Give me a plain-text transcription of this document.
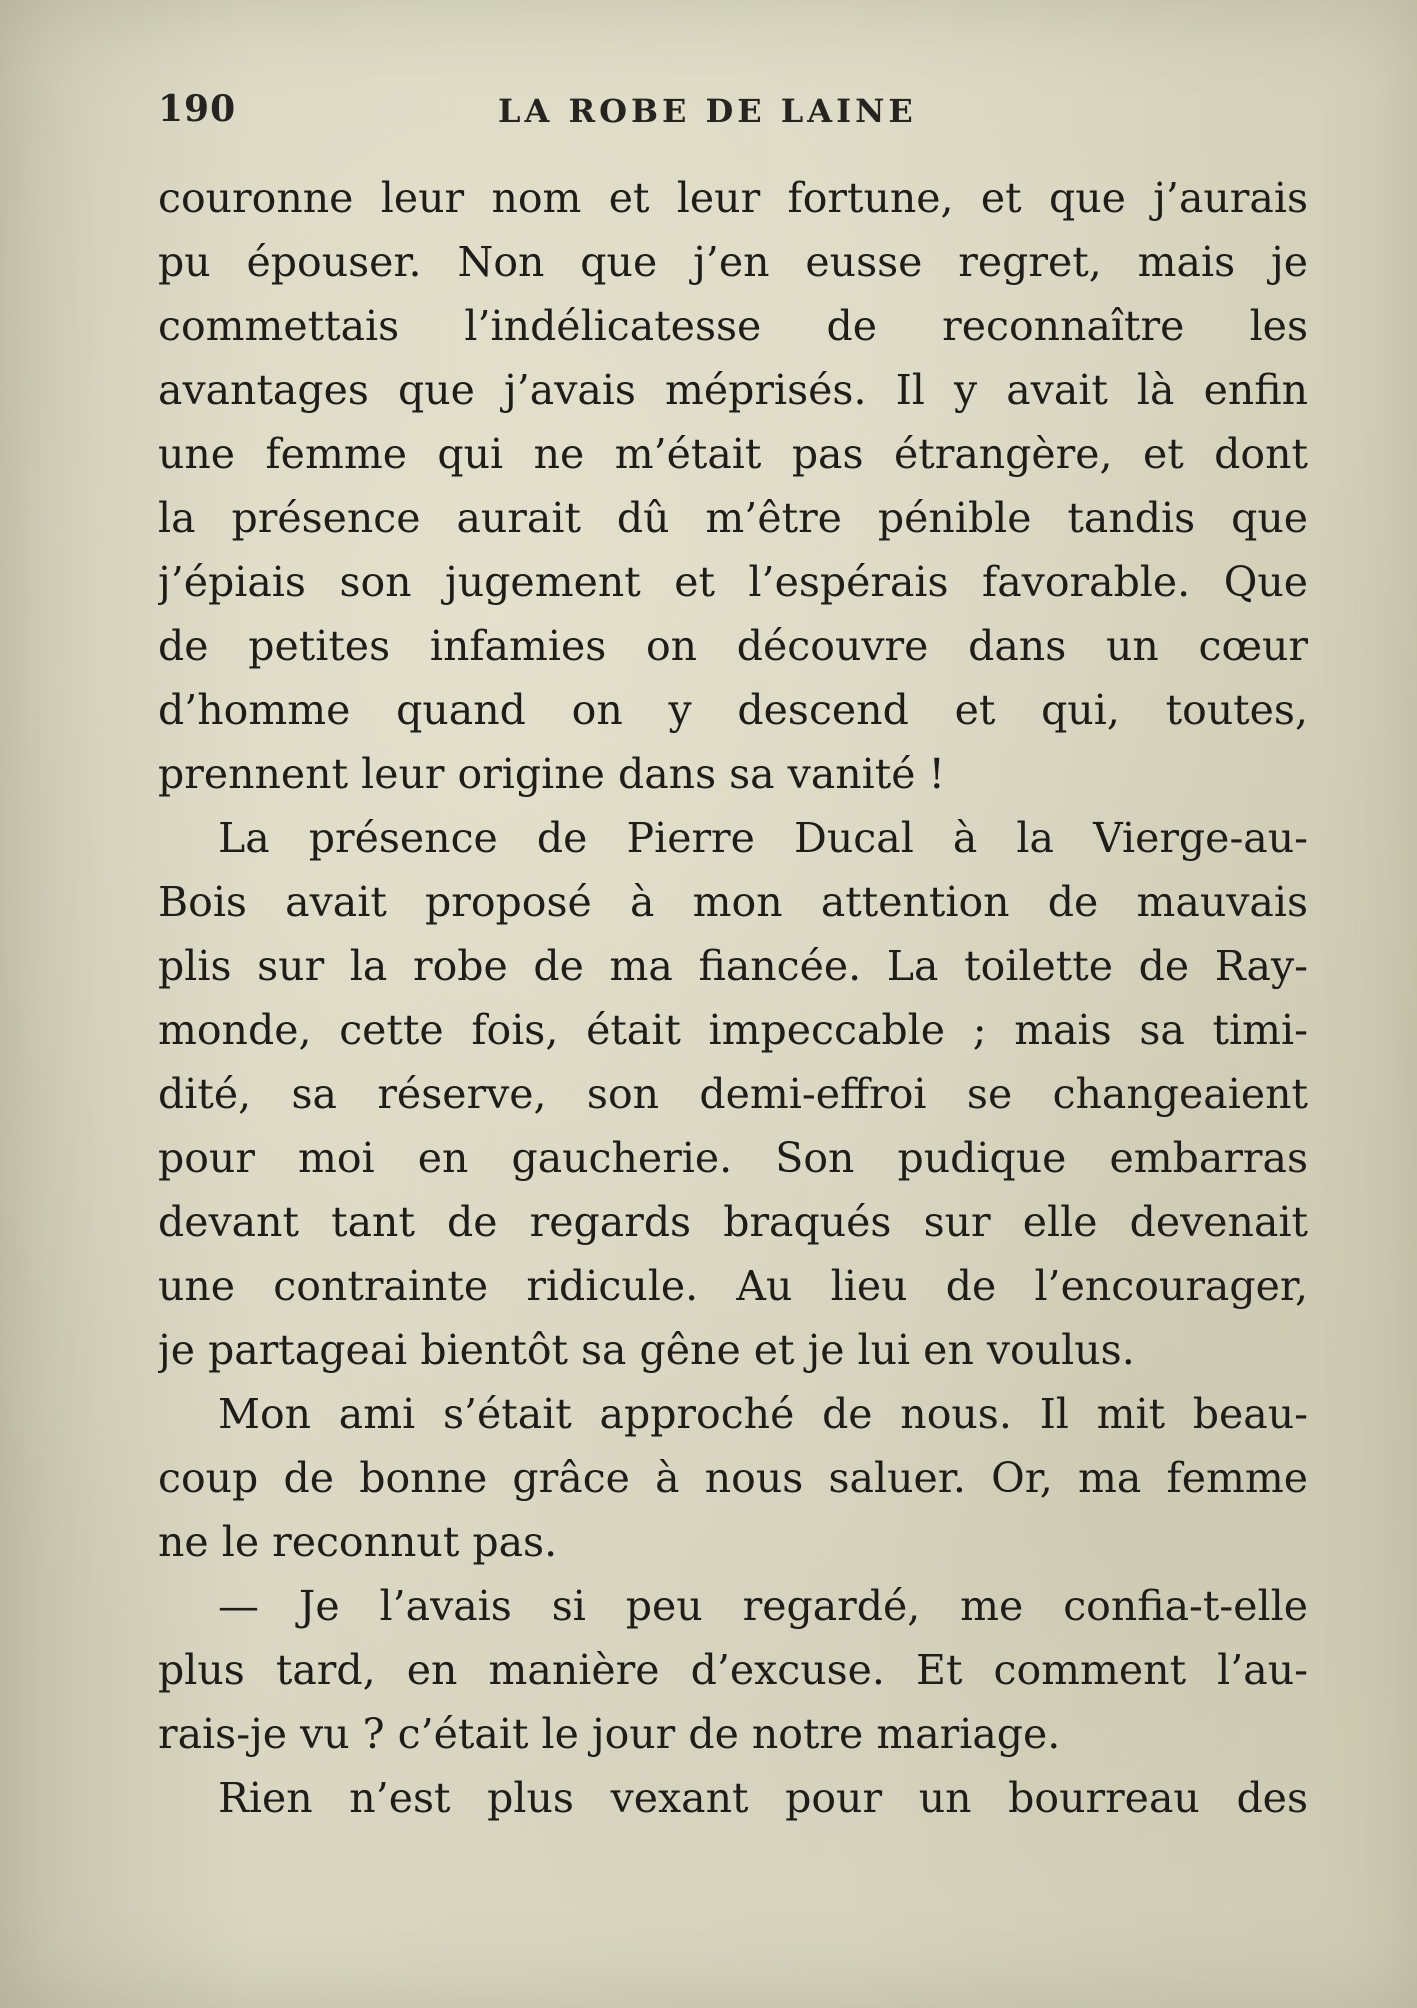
190	LA ROBE DE LAINE
couronne leur nom et leur fortune, et que j’aurais
pu épouser. Non que j’en eusse regret, mais je
commettais l’indélicatesse de reconnaître les
avantages que j’avais méprisés. Il y avait là enfin
une femme qui ne m’était pas étrangère, et dont
la présence aurait dû m’être pénible tandis que
j’épiais son jugement et l’espérais favorable. Que
de petites infamies on découvre dans un cœur
d’homme quand on y descend et qui, toutes,
prennent leur origine dans sa vanité !
La présence de Pierre Ducal à la Vierge-au-
Bois avait proposé à mon attention de mauvais
plis sur la robe de ma fiancée. La toilette de Ray-
monde, cette fois, était impeccable ; mais sa timi-
dité, sa réserve, son demi-effroi se changeaient
pour moi en gaucherie. Son pudique embarras
devant tant de regards braqués sur elle devenait
une contrainte ridicule. Au lieu de l’encourager,
je partageai bientôt sa gêne et je lui en voulus.
Mon ami s’était approché de nous. Il mit beau-
coup de bonne grâce à nous saluer. Or, ma femme
ne le reconnut pas.
— Je l’avais si peu regardé, me confia-t-elle
plus tard, en manière d’excuse. Et comment l’au-
rais-je vu ? c’était le jour de notre mariage.
Rien n’est plus vexant pour un bourreau des
